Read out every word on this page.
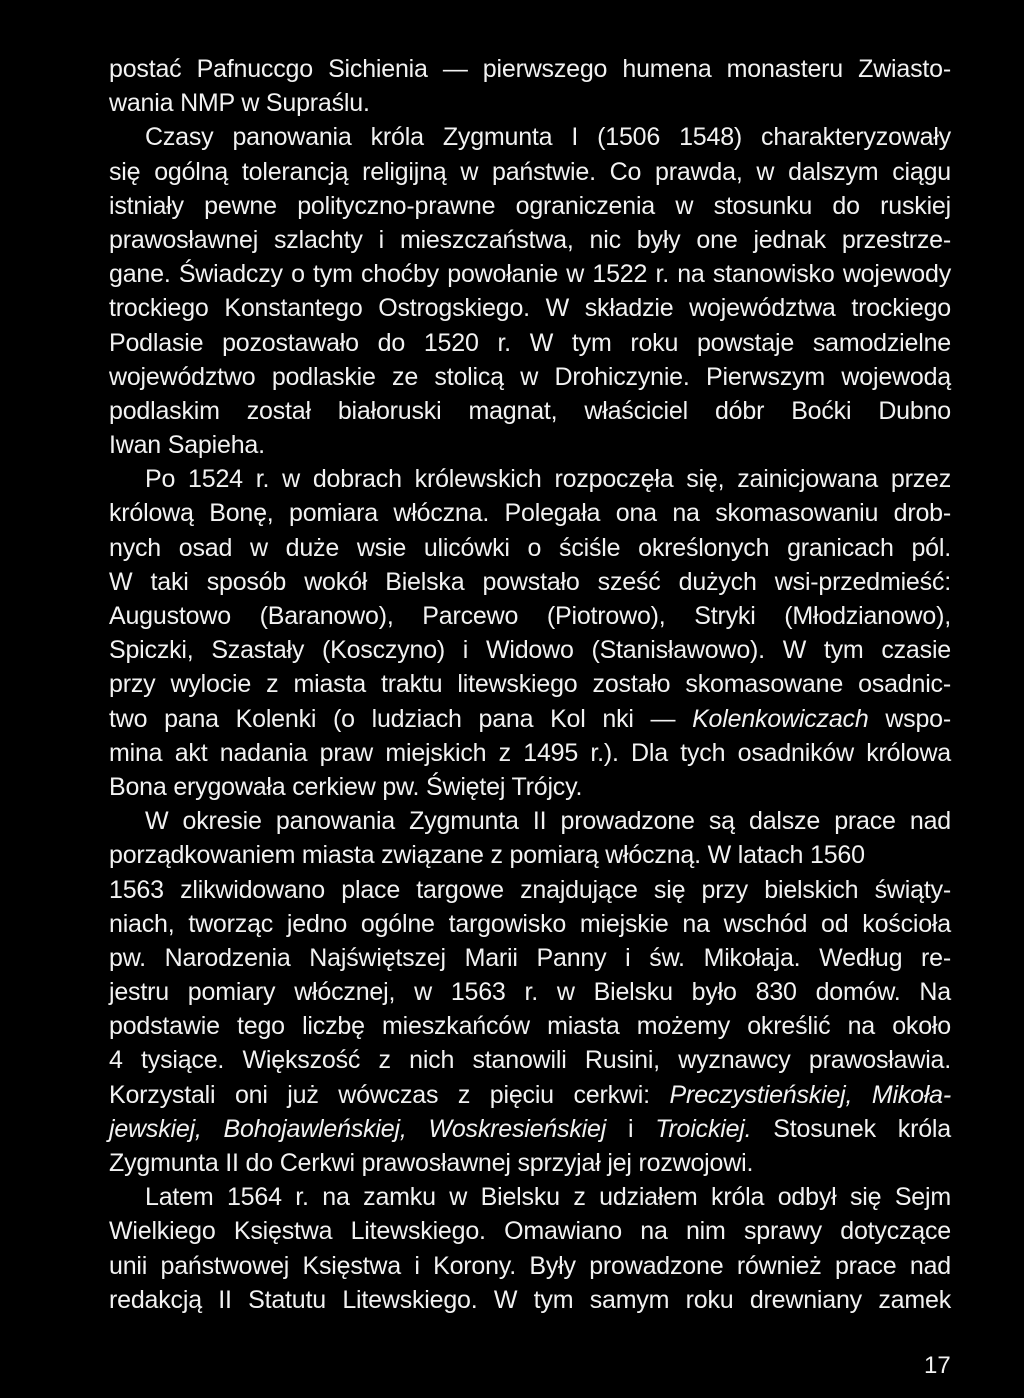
postać Pafnuccgo Sichienia — pierwszego humena monasteru Zwiasto-
wania NMP w Supraślu.
Czasy panowania króla Zygmunta I (1506 1548) charakteryzowały
się ogólną tolerancją religijną w państwie. Co prawda, w dalszym ciągu
istniały pewne polityczno-prawne ograniczenia w stosunku do ruskiej
prawosławnej szlachty i mieszczaństwa, nic były one jednak przestrze-
gane. Świadczy o tym choćby powołanie w 1522 r. na stanowisko wojewody
trockiego Konstantego Ostrogskiego. W składzie województwa trockiego
Podlasie pozostawało do 1520 r. W tym roku powstaje samodzielne
województwo podlaskie ze stolicą w Drohiczynie. Pierwszym wojewodą
podlaskim został białoruski magnat, właściciel dóbr Boćki Dubno
Iwan Sapieha.
Po 1524 r. w dobrach królewskich rozpoczęła się, zainicjowana przez
królową Bonę, pomiara włóczna. Polegała ona na skomasowaniu drob-
nych osad w duże wsie ulicówki o ściśle określonych granicach pól.
W taki sposób wokół Bielska powstało sześć dużych wsi-przedmieść:
Augustowo (Baranowo), Parcewo (Piotrowo), Stryki (Młodzianowo),
Spiczki, Szastały (Kosczyno) i Widowo (Stanisławowo). W tym czasie
przy wylocie z miasta traktu litewskiego zostało skomasowane osadnic-
two pana Kolenki (o ludziach pana Kol nki — Kolenkowiczach wspo-
mina akt nadania praw miejskich z 1495 r.). Dla tych osadników królowa
Bona erygowała cerkiew pw. Świętej Trójcy.
W okresie panowania Zygmunta II prowadzone są dalsze prace nad
porządkowaniem miasta związane z pomiarą włóczną. W latach 1560
1563 zlikwidowano place targowe znajdujące się przy bielskich świąty-
niach, tworząc jedno ogólne targowisko miejskie na wschód od kościoła
pw. Narodzenia Najświętszej Marii Panny i św. Mikołaja. Według re-
jestru pomiary włócznej, w 1563 r. w Bielsku było 830 domów. Na
podstawie tego liczbę mieszkańców miasta możemy określić na około
4 tysiące. Większość z nich stanowili Rusini, wyznawcy prawosławia.
Korzystali oni już wówczas z pięciu cerkwi: Preczystieńskiej, Mikoła-
jewskiej, Bohojawleńskiej, Woskresieńskiej i Troickiej. Stosunek króla
Zygmunta II do Cerkwi prawosławnej sprzyjał jej rozwojowi.
Latem 1564 r. na zamku w Bielsku z udziałem króla odbył się Sejm
Wielkiego Księstwa Litewskiego. Omawiano na nim sprawy dotyczące
unii państwowej Księstwa i Korony. Były prowadzone również prace nad
redakcją II Statutu Litewskiego. W tym samym roku drewniany zamek
17
